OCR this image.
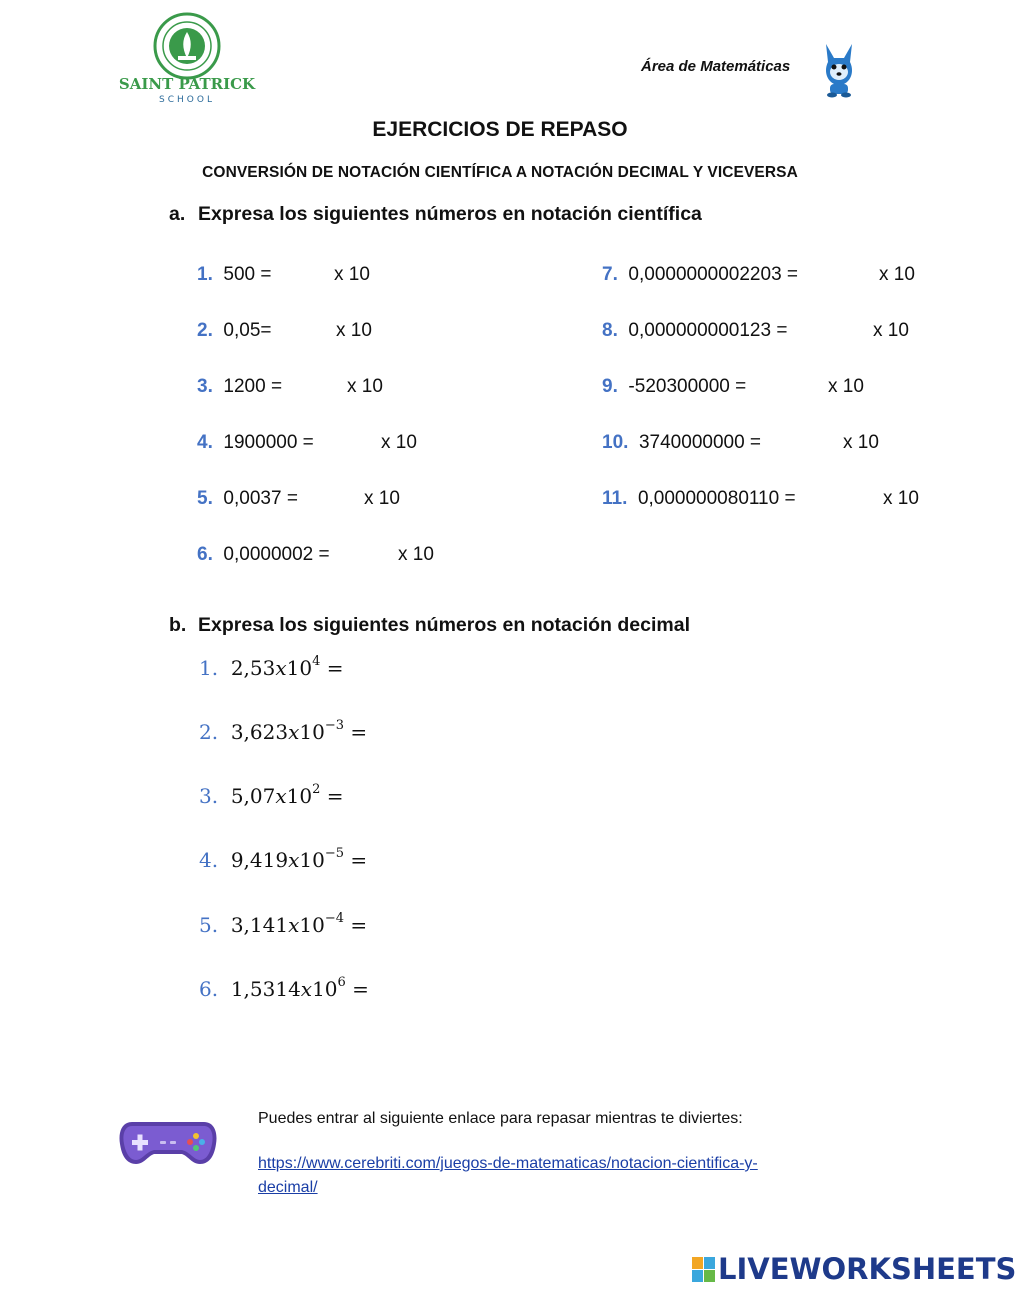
SAINT PATRICK
SCHOOL
Área de Matemáticas
EJERCICIOS DE REPASO
CONVERSIÓN DE NOTACIÓN CIENTÍFICA A NOTACIÓN DECIMAL Y VICEVERSA
a. Expresa los siguientes números en notación científica
1. 500 =	x 10
2. 0,05=	x 10
3. 1200 =	x 10
4. 1900000 =	x 10
5. 0,0037 =	x 10
6. 0,0000002 =	x 10
7. 0,0000000002203 =	x 10
8. 0,000000000123 =	x 10
9. -520300000 =	x 10
10. 3740000000 =	x 10
11. 0,000000080110 =	x 10
b. Expresa los siguientes números en notación decimal
1. $2,53x10^4$ =
2. $3,623x10^{-3}$ =
3. $5,07x10^2$ =
4. $9,419x10^{-5}$ =
5. $3,141x10^{-4}$ =
6. $1,5314x10^6$ =
Puedes entrar al siguiente enlace para repasar mientras te diviertes:
https://www.cerebriti.com/juegos-de-matematicas/notacion-cientifica-y-
decimal/
LIVEWORKSHEETS
